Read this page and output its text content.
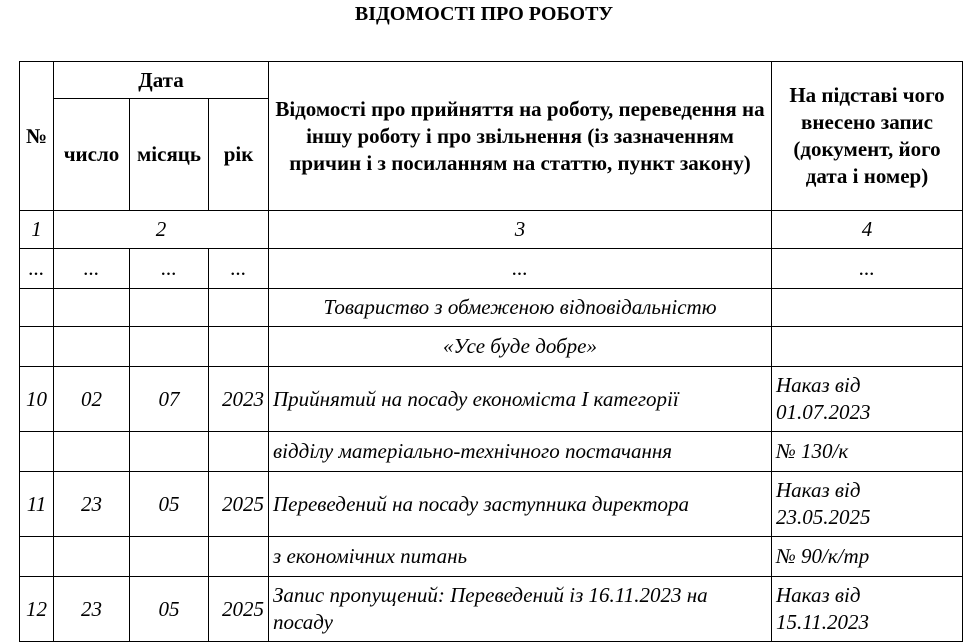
ВІДОМОСТІ ПРО РОБОТУ
№	Дата			Відомості про прийняття на роботу, переведення на іншу роботу і про звільнення (із зазначенням причин і з посиланням на статтю, пункт закону)	На підставі чого внесено запис (документ, його дата і номер)
	число	місяць	рік		

1	2			3	4
...	...	...	...	...	...
				Товариство з обмеженою відповідальністю	
				«Усе буде добре»	
10	02	07	2023	Прийнятий на посаду економіста І категорії	Наказ від 01.07.2023
				відділу матеріально-технічного постачання	№ 130/к
11	23	05	2025	Переведений на посаду заступника директора	Наказ від 23.05.2025
				з економічних питань	№ 90/к/тр
12	23	05	2025	Запис пропущений: Переведений із 16.11.2023 на посаду	Наказ від 15.11.2023
